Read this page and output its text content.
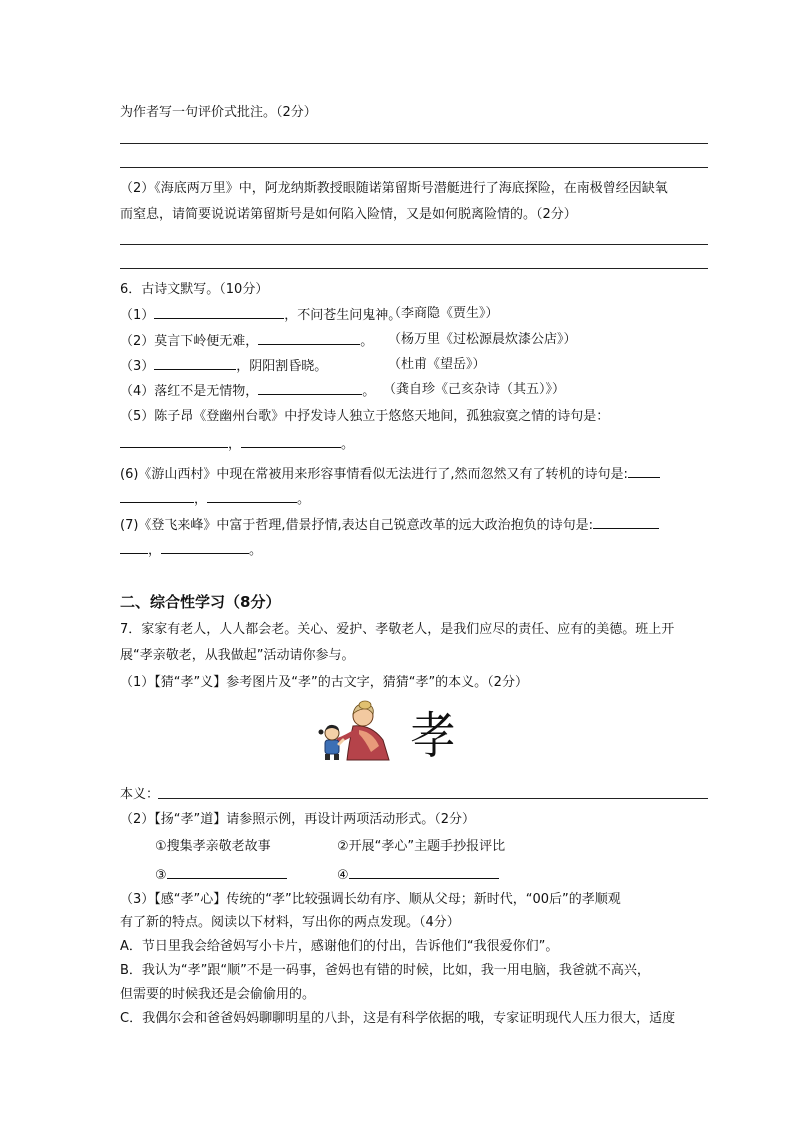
为作者写一句评价式批注。（2分）
（2）《海底两万里》中，阿龙纳斯教授眼随诺第留斯号潜艇进行了海底探险，在南极曾经因缺氧
而窒息，请简要说说诺第留斯号是如何陷入险情，又是如何脱离险情的。（2分）
6．古诗文默写。（10分）
（1）	，不问苍生问鬼神。
（李商隐《贾生》）
（2）莫言下岭便无难，	。 （杨万里《过松源晨炊漆公店》）
（3）	，阴阳割昏晓。	（杜甫《望岳》）
（4）落红不是无情物，	。 （龚自珍《己亥杂诗（其五）》）
（5）陈子昂《登幽州台歌》中抒发诗人独立于悠悠天地间，孤独寂寞之情的诗句是：
，	。
(6)《游山西村》中现在常被用来形容事情看似无法进行了,然而忽然又有了转机的诗句是:
，	。
(7)《登飞来峰》中富于哲理,借景抒情,表达自己锐意改革的远大政治抱负的诗句是:
，	。
二、综合性学习（8分）
7．家家有老人，人人都会老。关心、爱护、孝敬老人，是我们应尽的责任、应有的美德。班上开
展“孝亲敬老，从我做起”活动请你参与。
（1）【猜“孝”义】参考图片及“孝”的古文字，猜猜“孝”的本义。（2分）
孝
本义：
（2）【扬“孝”道】请参照示例，再设计两项活动形式。（2分）
①搜集孝亲敬老故事	②开展“孝心”主题手抄报评比
③	④
（3）【感“孝”心】传统的“孝”比较强调长幼有序、顺从父母；新时代，“00后”的孝顺观
有了新的特点。阅读以下材料，写出你的两点发现。（4分）
A．节日里我会给爸妈写小卡片，感谢他们的付出，告诉他们“我很爱你们”。
B．我认为“孝”跟“顺”不是一码事，爸妈也有错的时候，比如，我一用电脑，我爸就不高兴，
但需要的时候我还是会偷偷用的。
C．我偶尔会和爸爸妈妈聊聊明星的八卦，这是有科学依据的哦，专家证明现代人压力很大，适度
